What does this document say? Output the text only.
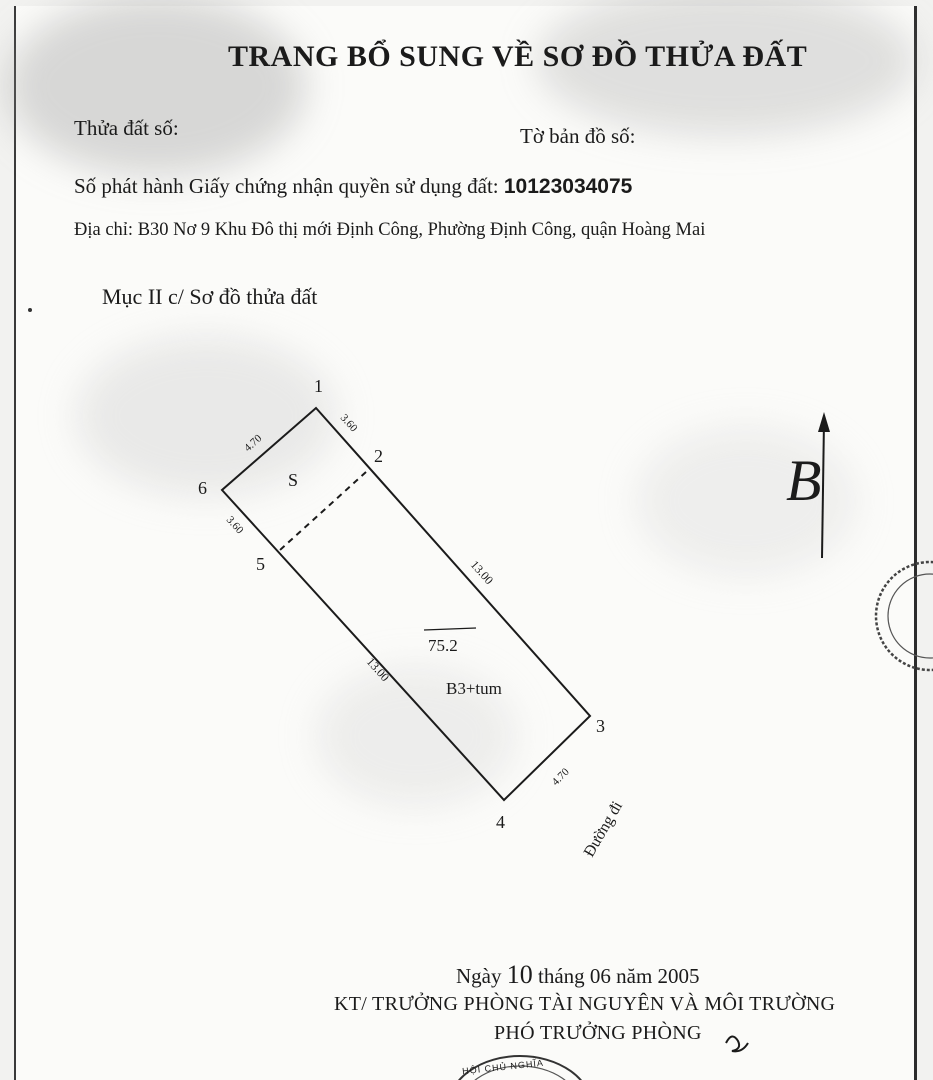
TRANG BỔ SUNG VỀ SƠ ĐỒ THỬA ĐẤT
Thửa đất số:	Tờ bản đồ số:
Số phát hành Giấy chứng nhận quyền sử dụng đất: 10123034075
Địa chỉ: B30 Nơ 9 Khu Đô thị mới Định Công, Phường Định Công, quận Hoàng Mai
Mục II c/ Sơ đồ thửa đất
1
2
3
4
5
6
3.60
4.70
3.60
13.00
13.00
4.70
S
75.2
B3+tum
Đường đi
B
Ngày 10 tháng 06 năm 2005
KT/ TRƯỞNG PHÒNG TÀI NGUYÊN VÀ MÔI TRƯỜNG
PHÓ TRƯỞNG PHÒNG
HỘI CHỦ NGHĨA
